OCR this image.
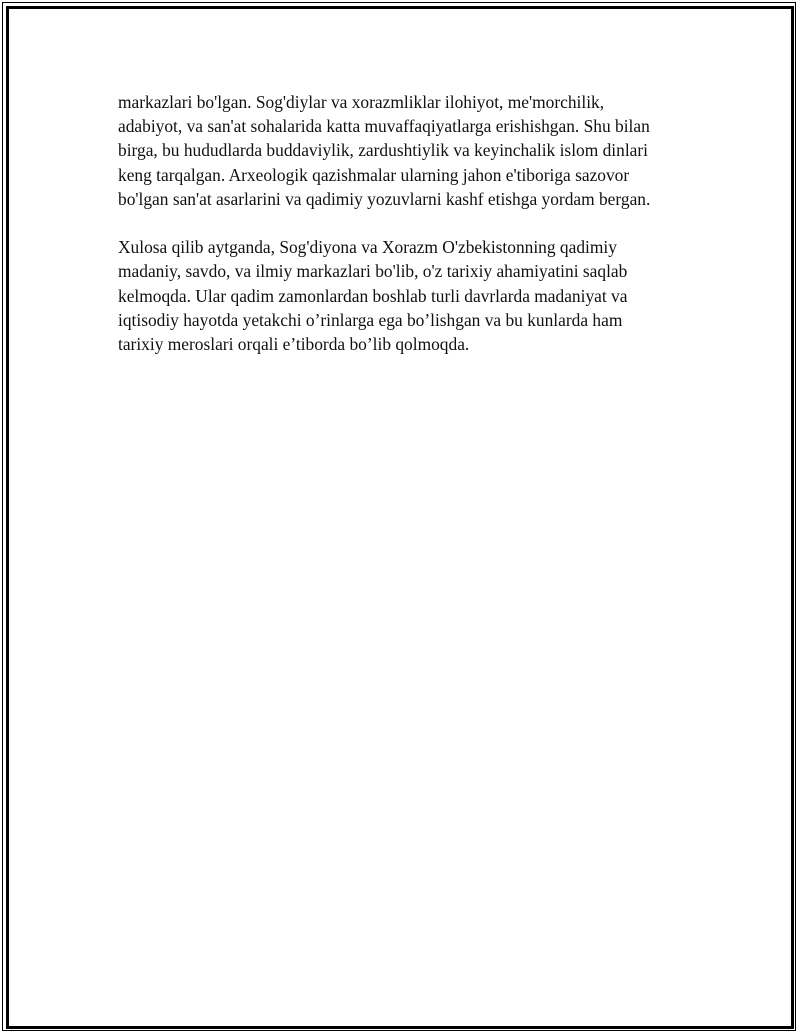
markazlari bo'lgan. Sog'diylar va xorazmliklar ilohiyot, me'morchilik,
adabiyot, va san'at sohalarida katta muvaffaqiyatlarga erishishgan. Shu bilan
birga, bu hududlarda buddaviylik, zardushtiylik va keyinchalik islom dinlari
keng tarqalgan. Arxeologik qazishmalar ularning jahon e'tiboriga sazovor
bo'lgan san'at asarlarini va qadimiy yozuvlarni kashf etishga yordam bergan.

Xulosa qilib aytganda, Sog'diyona va Xorazm O'zbekistonning qadimiy
madaniy, savdo, va ilmiy markazlari bo'lib, o'z tarixiy ahamiyatini saqlab
kelmoqda. Ular qadim zamonlardan boshlab turli davrlarda madaniyat va
iqtisodiy hayotda yetakchi o’rinlarga ega bo’lishgan va bu kunlarda ham
tarixiy meroslari orqali e’tiborda bo’lib qolmoqda.
